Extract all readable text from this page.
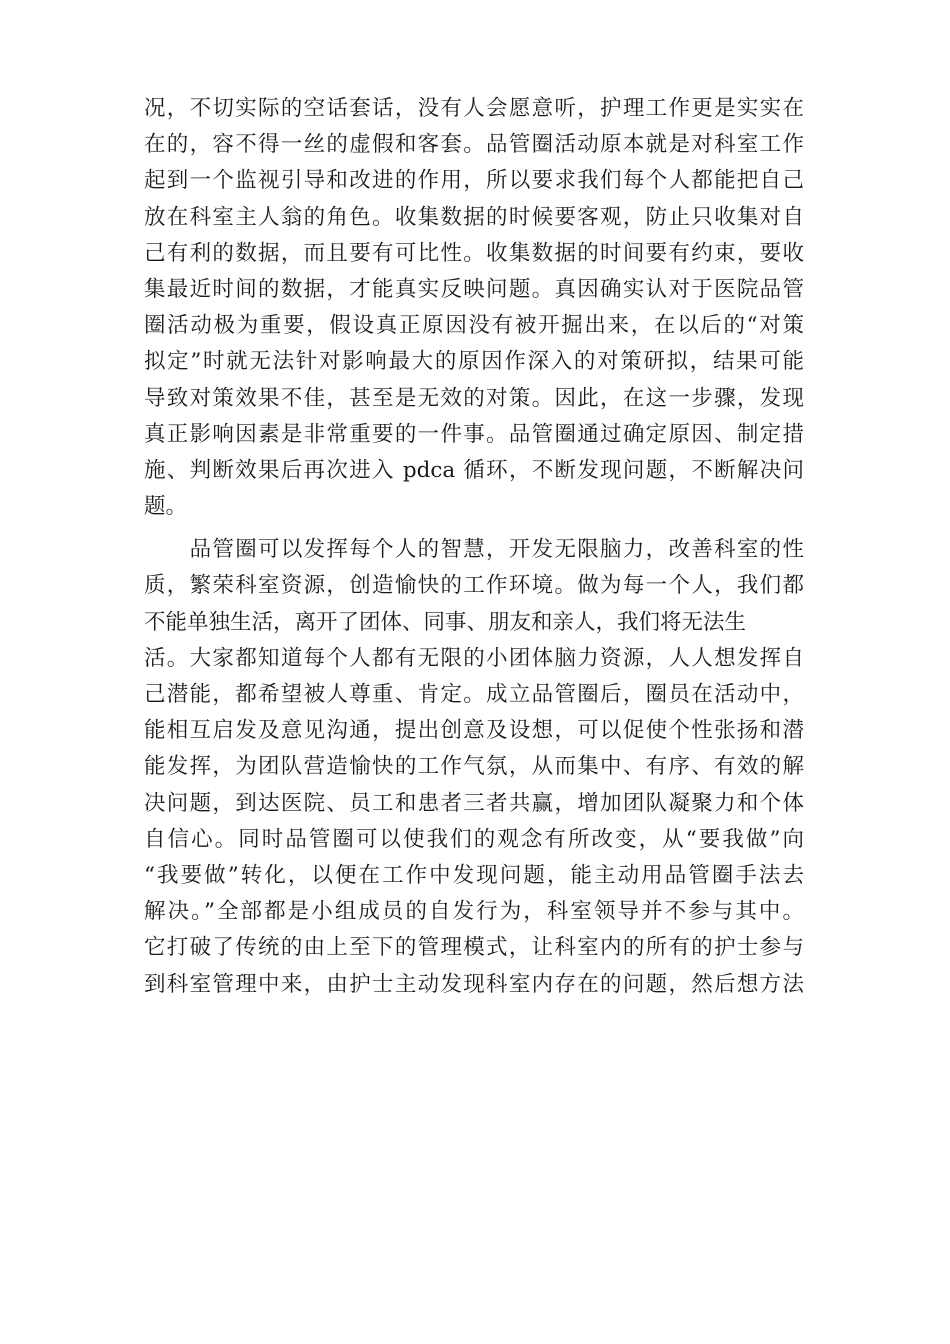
况，不切实际的空话套话，没有人会愿意听，护理工作更是实实在
在的，容不得一丝的虚假和客套。品管圈活动原本就是对科室工作
起到一个监视引导和改进的作用，所以要求我们每个人都能把自己
放在科室主人翁的角色。收集数据的时候要客观，防止只收集对自
己有利的数据，而且要有可比性。收集数据的时间要有约束，要收
集最近时间的数据，才能真实反映问题。真因确实认对于医院品管
圈活动极为重要，假设真正原因没有被开掘出来，在以后的“对策
拟定”时就无法针对影响最大的原因作深入的对策研拟，结果可能
导致对策效果不佳，甚至是无效的对策。因此，在这一步骤，发现
真正影响因素是非常重要的一件事。品管圈通过确定原因、制定措
施、判断效果后再次进入 pdca 循环，不断发现问题，不断解决问
题。
　　品管圈可以发挥每个人的智慧，开发无限脑力，改善科室的性
质，繁荣科室资源，创造愉快的工作环境。做为每一个人，我们都
不能单独生活，离开了团体、同事、朋友和亲人，我们将无法生
活。大家都知道每个人都有无限的小团体脑力资源，人人想发挥自
己潜能，都希望被人尊重、肯定。成立品管圈后，圈员在活动中，
能相互启发及意见沟通，提出创意及设想，可以促使个性张扬和潜
能发挥，为团队营造愉快的工作气氛，从而集中、有序、有效的解
决问题，到达医院、员工和患者三者共赢，增加团队凝聚力和个体
自信心。同时品管圈可以使我们的观念有所改变，从“要我做”向
“我要做”转化，以便在工作中发现问题，能主动用品管圈手法去
解决。”全部都是小组成员的自发行为，科室领导并不参与其中。
它打破了传统的由上至下的管理模式，让科室内的所有的护士参与
到科室管理中来，由护士主动发现科室内存在的问题，然后想方法
